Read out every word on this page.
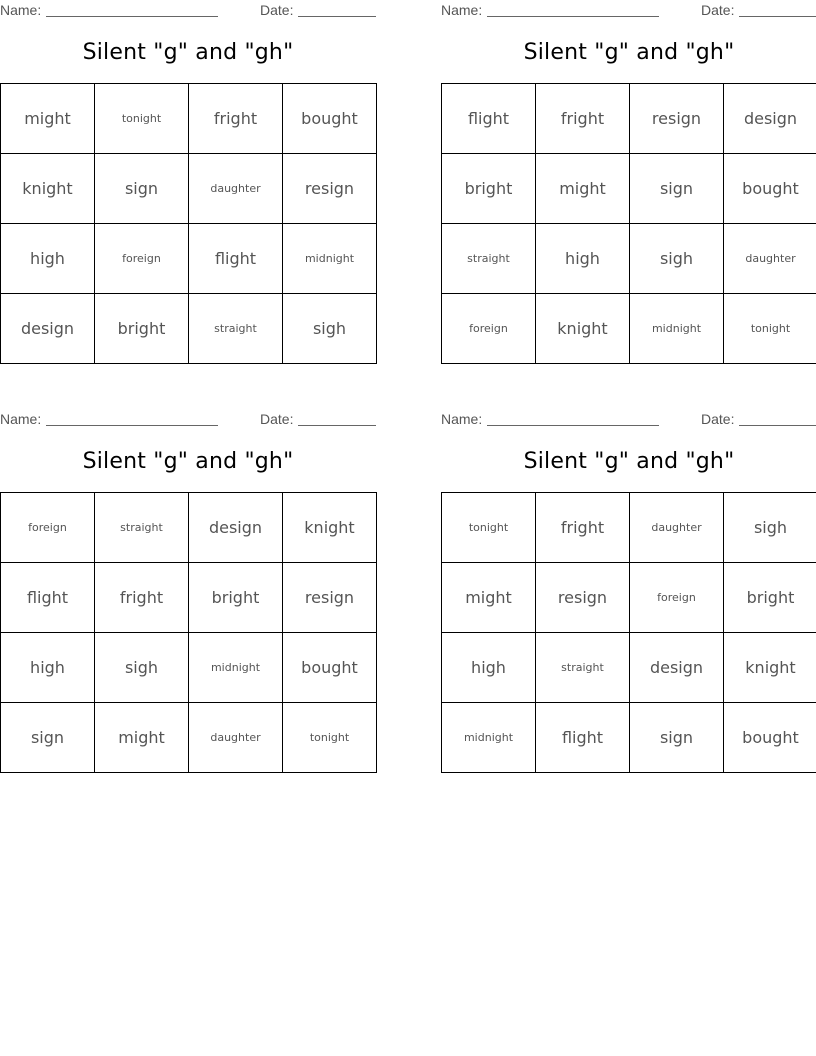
Name:	Date:
Silent "g" and "gh"
might	tonight	fright	bought
knight	sign	daughter	resign
high	foreign	flight	midnight
design	bright	straight	sigh
Name:	Date:
Silent "g" and "gh"
flight	fright	resign	design
bright	might	sign	bought
straight	high	sigh	daughter
foreign	knight	midnight	tonight
Name:	Date:
Silent "g" and "gh"
foreign	straight	design	knight
flight	fright	bright	resign
high	sigh	midnight	bought
sign	might	daughter	tonight
Name:	Date:
Silent "g" and "gh"
tonight	fright	daughter	sigh
might	resign	foreign	bright
high	straight	design	knight
midnight	flight	sign	bought
